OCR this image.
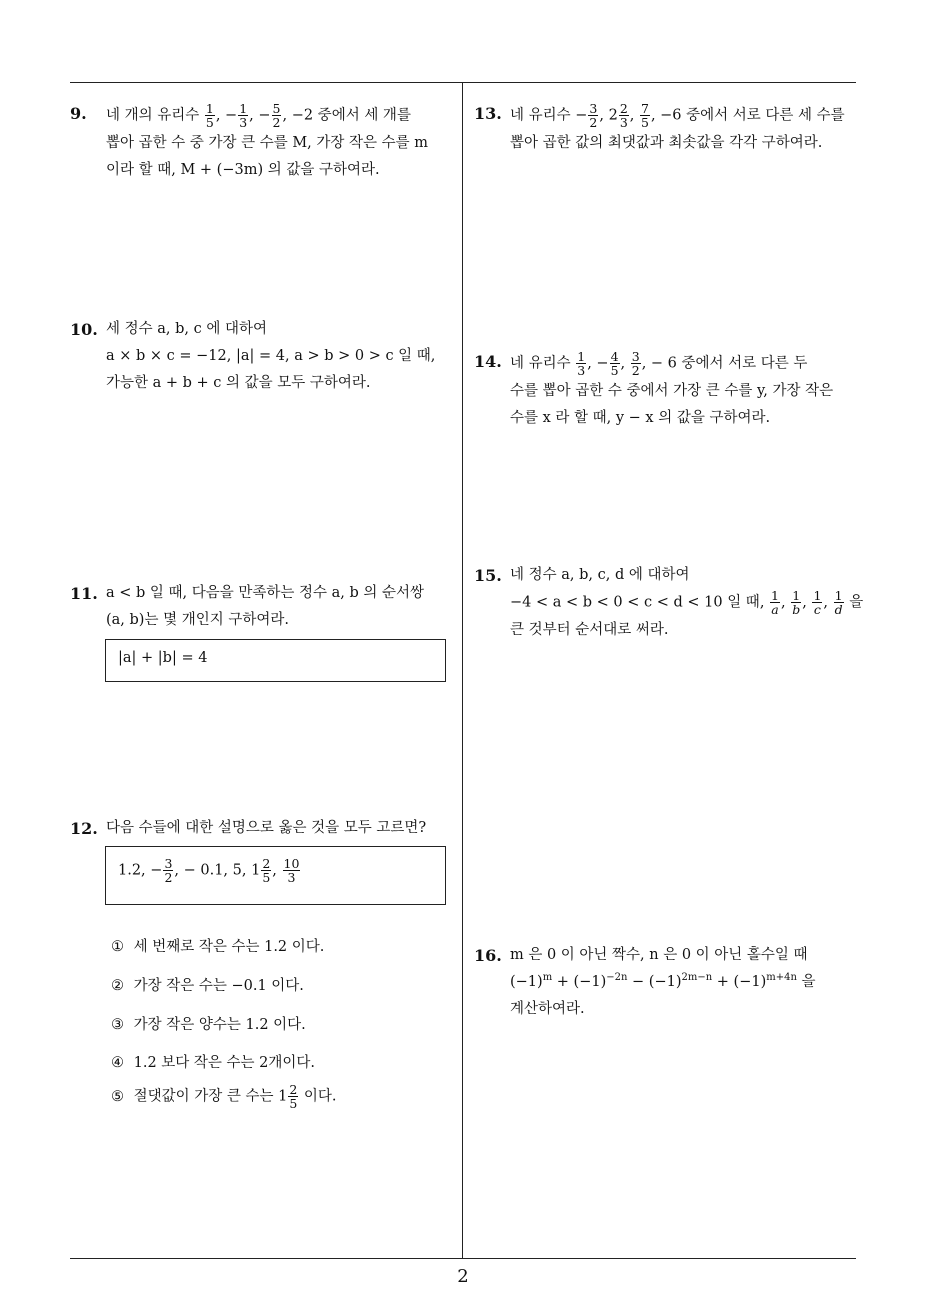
9. 네 개의 유리수 $\frac{1}{5}$ , − $\frac{1}{3}$ , − $\frac{5}{2}$ , −2 중에서 세 개를
뽑아 곱한 수 중 가장 큰 수를 M, 가장 작은 수를 m
이라 할 때, M + (−3m) 의 값을 구하여라.
10. 세 정수 a, b, c 에 대하여
a × b × c = −12, |a| = 4, a > b > 0 > c 일 때,
가능한 a + b + c 의 값을 모두 구하여라.
11. a < b 일 때, 다음을 만족하는 정수 a, b 의 순서쌍
(a, b)는 몇 개인지 구하여라.
|a| + |b| = 4
12. 다음 수들에 대한 설명으로 옳은 것을 모두 고르면?
1.2, − $\frac{3}{2}$ , − 0.1, 5, $1 \frac{2}{5}$ , $\frac{10}{3}$
① 세 번째로 작은 수는 1.2 이다.
② 가장 작은 수는 −0.1 이다.
③ 가장 작은 양수는 1.2 이다.
④ 1.2 보다 작은 수는 2개이다.
⑤ 절댓값이 가장 큰 수는 $1 \frac{2}{5}$ 이다.
13. 네 유리수 − $\frac{3}{2}$ , $2 \frac{2}{3}$ , $\frac{7}{5}$ , −6 중에서 서로 다른 세 수를
뽑아 곱한 값의 최댓값과 최솟값을 각각 구하여라.
14. 네 유리수 $\frac{1}{3}$ , − $\frac{4}{5}$ , $\frac{3}{2}$ , − 6 중에서 서로 다른 두
수를 뽑아 곱한 수 중에서 가장 큰 수를 y, 가장 작은
수를 x 라 할 때, y − x 의 값을 구하여라.
15. 네 정수 a, b, c, d 에 대하여
−4 < a < b < 0 < c < d < 10 일 때, $\frac{1}{a}$ , $\frac{1}{b}$ , $\frac{1}{c}$ , $\frac{1}{d}$ 을
큰 것부터 순서대로 써라.
16. m 은 0 이 아닌 짝수, n 은 0 이 아닌 홀수일 때
$(-1)^m + (-1)^{-2n} - (-1)^{2m-n} + (-1)^{m+4n}$ 을
계산하여라.
2
